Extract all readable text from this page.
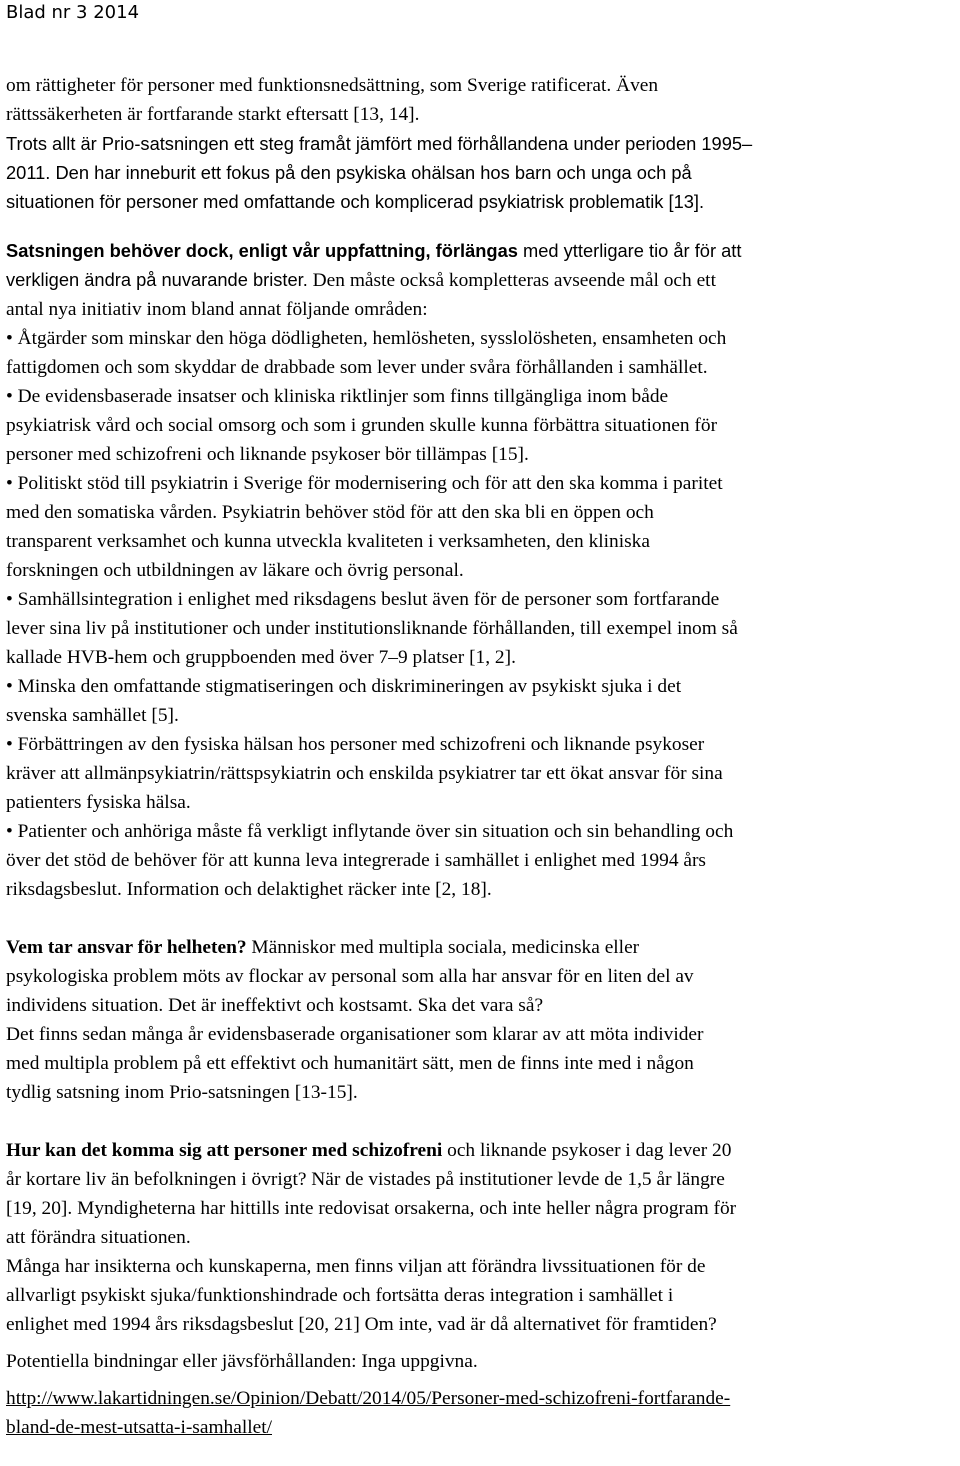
Blad nr 3 2014

om rättigheter för personer med funktionsnedsättning, som Sverige ratificerat. Även
rättssäkerheten är fortfarande starkt eftersatt [13, 14].
Trots allt är Prio-satsningen ett steg framåt jämfört med förhållandena under perioden 1995–
2011. Den har inneburit ett fokus på den psykiska ohälsan hos barn och unga och på
situationen för personer med omfattande och komplicerad psykiatrisk problematik [13].

Satsningen behöver dock, enligt vår uppfattning, förlängas med ytterligare tio år för att
verkligen ändra på nuvarande brister. Den måste också kompletteras avseende mål och ett
antal nya initiativ inom bland annat följande områden:
• Åtgärder som minskar den höga dödligheten, hemlösheten, sysslolösheten, ensamheten och
fattigdomen och som skyddar de drabbade som lever under svåra förhållanden i samhället.
• De evidensbaserade insatser och kliniska riktlinjer som finns tillgängliga inom både
psykiatrisk vård och social omsorg och som i grunden skulle kunna förbättra situationen för
personer med schizofreni och liknande psykoser bör tillämpas [15].
• Politiskt stöd till psykiatrin i Sverige för modernisering och för att den ska komma i paritet
med den somatiska vården. Psykiatrin behöver stöd för att den ska bli en öppen och
transparent verksamhet och kunna utveckla kvaliteten i verksamheten, den kliniska
forskningen och utbildningen av läkare och övrig personal.
• Samhällsintegration i enlighet med riksdagens beslut även för de personer som fortfarande
lever sina liv på institutioner och under institutionsliknande förhållanden, till exempel inom så
kallade HVB-hem och gruppboenden med över 7–9 platser [1, 2].
• Minska den omfattande stigmatiseringen och diskrimineringen av psykiskt sjuka i det
svenska samhället [5].
• Förbättringen av den fysiska hälsan hos personer med schizofreni och liknande psykoser
kräver att allmänpsykiatrin/rättspsykiatrin och enskilda psykiatrer tar ett ökat ansvar för sina
patienters fysiska hälsa.
• Patienter och anhöriga måste få verkligt inflytande över sin situation och sin behandling och
över det stöd de behöver för att kunna leva integrerade i samhället i enlighet med 1994 års
riksdagsbeslut. Information och delaktighet räcker inte [2, 18].

Vem tar ansvar för helheten? Människor med multipla sociala, medicinska eller
psykologiska problem möts av flockar av personal som alla har ansvar för en liten del av
individens situation. Det är ineffektivt och kostsamt. Ska det vara så?
Det finns sedan många år evidensbaserade organisationer som klarar av att möta individer
med multipla problem på ett effektivt och humanitärt sätt, men de finns inte med i någon
tydlig satsning inom Prio-satsningen [13-15].

Hur kan det komma sig att personer med schizofreni och liknande psykoser i dag lever 20
år kortare liv än befolkningen i övrigt? När de vistades på institutioner levde de 1,5 år längre
[19, 20]. Myndigheterna har hittills inte redovisat orsakerna, och inte heller några program för
att förändra situationen.
Många har insikterna och kunskaperna, men finns viljan att förändra livssituationen för de
allvarligt psykiskt sjuka/funktionshindrade och fortsätta deras integration i samhället i
enlighet med 1994 års riksdagsbeslut [20, 21] Om inte, vad är då alternativet för framtiden?

Potentiella bindningar eller jävsförhållanden: Inga uppgivna.

http://www.lakartidningen.se/Opinion/Debatt/2014/05/Personer-med-schizofreni-fortfarande-
bland-de-mest-utsatta-i-samhallet/
